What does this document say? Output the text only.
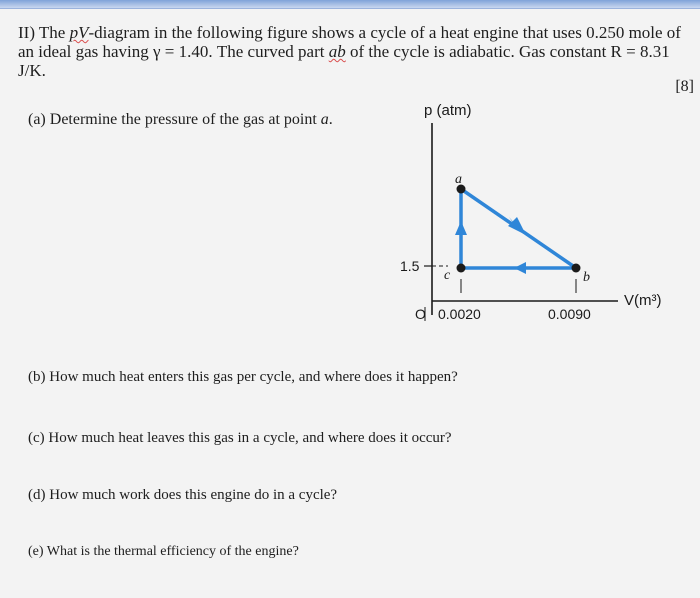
II) The pV-diagram in the following figure shows a cycle of a heat engine that uses 0.250 mole of an ideal gas having γ = 1.40. The curved part ab of the cycle is adiabatic. Gas constant R = 8.31 J/K.

[8]

(a) Determine the pressure of the gas at point a.

p (atm)
V(m³)
O
1.5
0.0020	0.0090
a
b
c

(b) How much heat enters this gas per cycle, and where does it happen?

(c) How much heat leaves this gas in a cycle, and where does it occur?

(d) How much work does this engine do in a cycle?

(e) What is the thermal efficiency of the engine?
